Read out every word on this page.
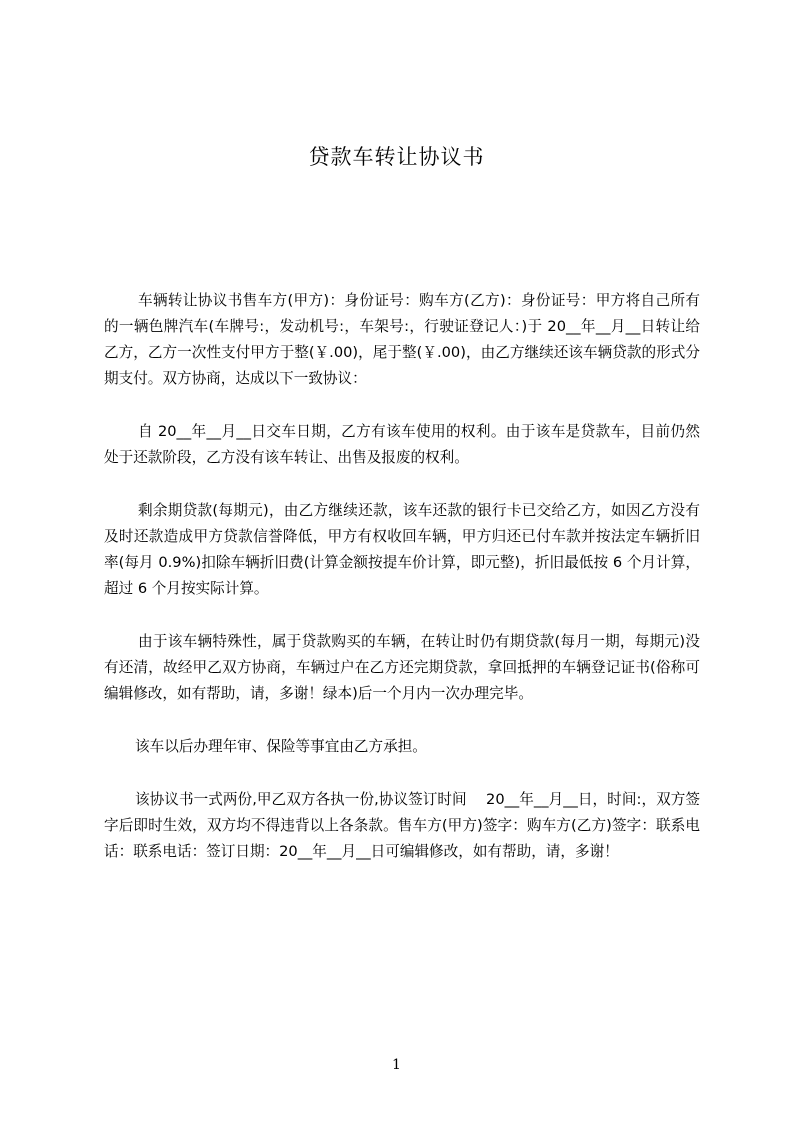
贷款车转让协议书

车辆转让协议书售车方(甲方)：身份证号：购车方(乙方)：身份证号：甲方将自己所有的一辆色牌汽车(车牌号:，发动机号:，车架号:，行驶证登记人：)于 20__年__月__日转让给乙方，乙方一次性支付甲方于整(￥.00)，尾于整(￥.00)，由乙方继续还该车辆贷款的形式分期支付。双方协商，达成以下一致协议：

自 20__年__月__日交车日期，乙方有该车使用的权利。由于该车是贷款车，目前仍然处于还款阶段，乙方没有该车转让、出售及报废的权利。

剩余期贷款(每期元)，由乙方继续还款，该车还款的银行卡已交给乙方，如因乙方没有及时还款造成甲方贷款信誉降低，甲方有权收回车辆，甲方归还已付车款并按法定车辆折旧率(每月 0.9%)扣除车辆折旧费(计算金额按提车价计算，即元整)，折旧最低按 6 个月计算，超过 6 个月按实际计算。

由于该车辆特殊性，属于贷款购买的车辆，在转让时仍有期贷款(每月一期，每期元)没有还清，故经甲乙双方协商，车辆过户在乙方还完期贷款，拿回抵押的车辆登记证书(俗称可编辑修改，如有帮助，请，多谢！绿本)后一个月内一次办理完毕。

该车以后办理年审、保险等事宜由乙方承担。

该协议书一式两份,甲乙双方各执一份,协议签订时间　 20__年__月__日，时间:，双方签字后即时生效，双方均不得违背以上各条款。售车方(甲方)签字：购车方(乙方)签字：联系电话：联系电话：签订日期：20__年__月__日可编辑修改，如有帮助，请，多谢！

1
